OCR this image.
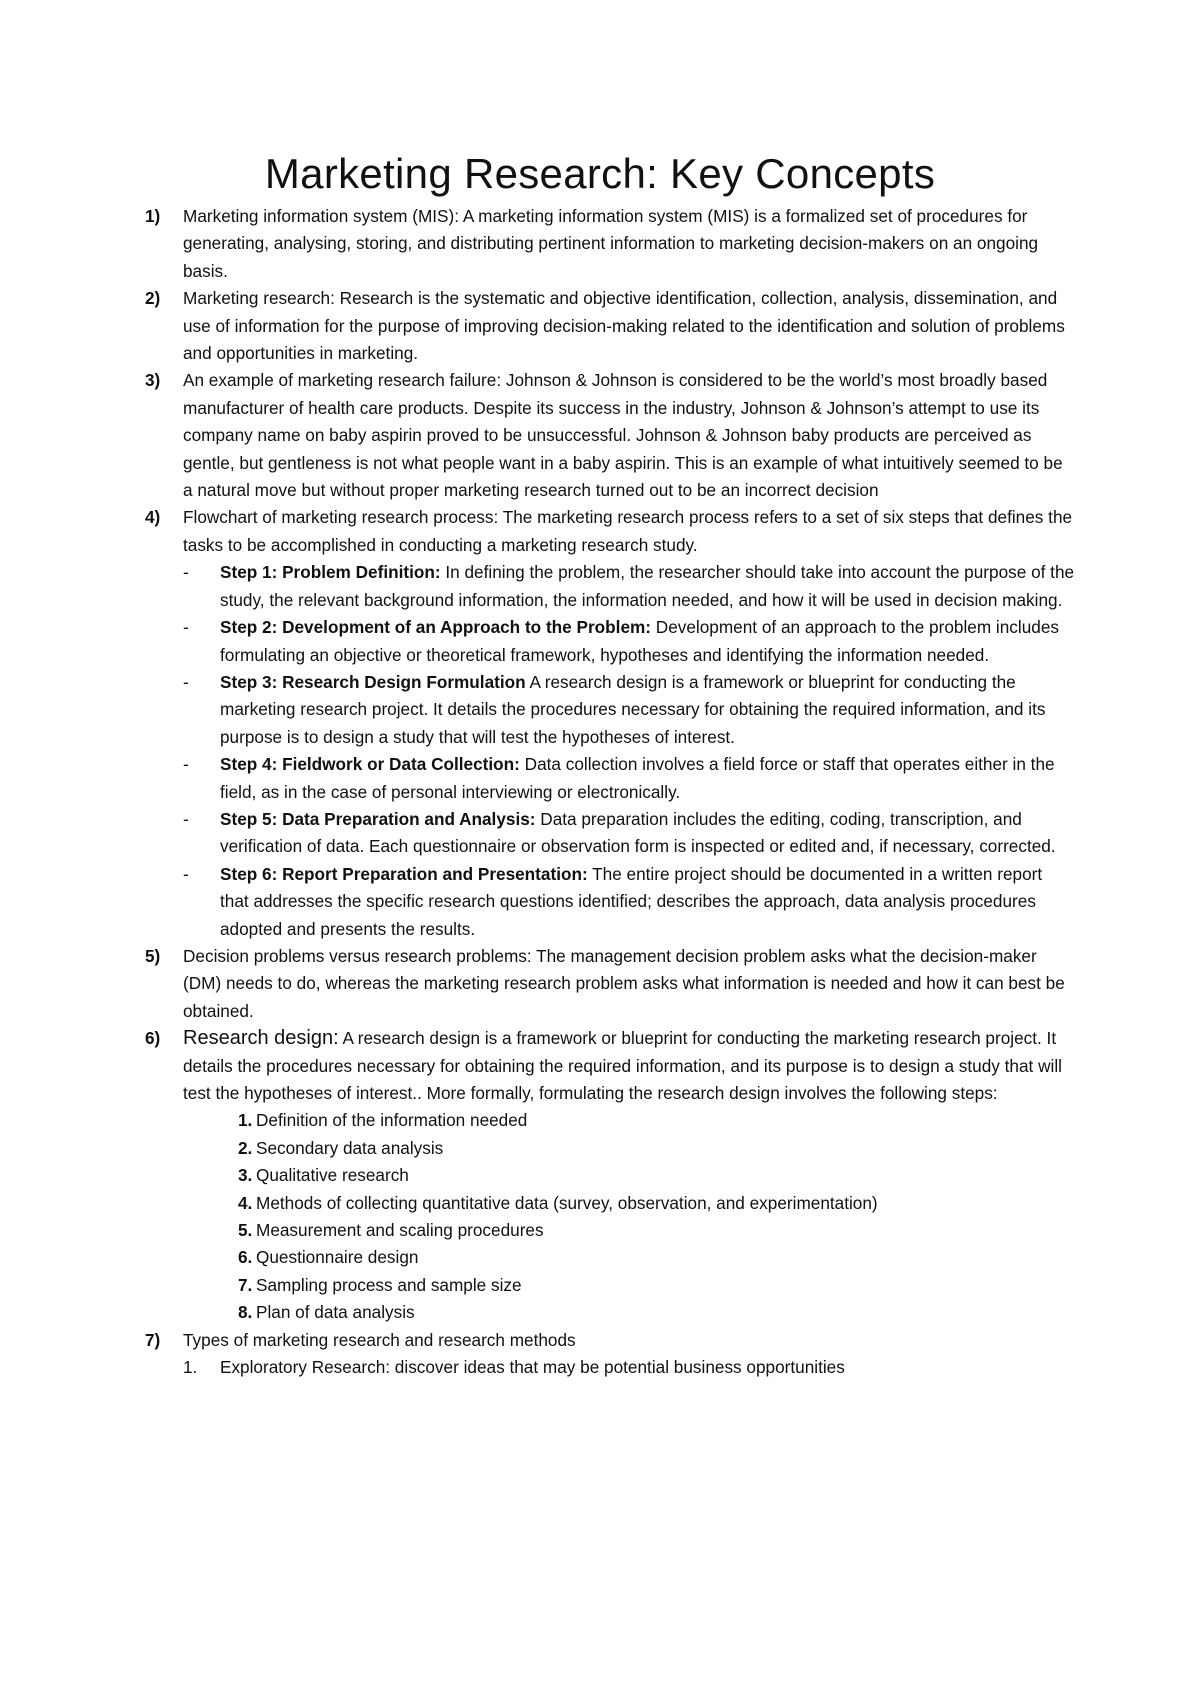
Marketing Research: Key Concepts
1) Marketing information system (MIS): A marketing information system (MIS) is a formalized set of procedures for generating, analysing, storing, and distributing pertinent information to marketing decision-makers on an ongoing basis.
2) Marketing research: Research is the systematic and objective identification, collection, analysis, dissemination, and use of information for the purpose of improving decision-making related to the identification and solution of problems and opportunities in marketing.
3) An example of marketing research failure: Johnson & Johnson is considered to be the world’s most broadly based manufacturer of health care products. Despite its success in the industry, Johnson & Johnson’s attempt to use its company name on baby aspirin proved to be unsuccessful. Johnson & Johnson baby products are perceived as gentle, but gentleness is not what people want in a baby aspirin. This is an example of what intuitively seemed to be a natural move but without proper marketing research turned out to be an incorrect decision
4) Flowchart of marketing research process: The marketing research process refers to a set of six steps that defines the tasks to be accomplished in conducting a marketing research study.
- Step 1: Problem Definition: In defining the problem, the researcher should take into account the purpose of the study, the relevant background information, the information needed, and how it will be used in decision making.
- Step 2: Development of an Approach to the Problem: Development of an approach to the problem includes formulating an objective or theoretical framework, hypotheses and identifying the information needed.
- Step 3: Research Design Formulation A research design is a framework or blueprint for conducting the marketing research project. It details the procedures necessary for obtaining the required information, and its purpose is to design a study that will test the hypotheses of interest.
- Step 4: Fieldwork or Data Collection: Data collection involves a field force or staff that operates either in the field, as in the case of personal interviewing or electronically.
- Step 5: Data Preparation and Analysis: Data preparation includes the editing, coding, transcription, and verification of data. Each questionnaire or observation form is inspected or edited and, if necessary, corrected.
- Step 6: Report Preparation and Presentation: The entire project should be documented in a written report that addresses the specific research questions identified; describes the approach, data analysis procedures adopted and presents the results.
5) Decision problems versus research problems: The management decision problem asks what the decision-maker (DM) needs to do, whereas the marketing research problem asks what information is needed and how it can best be obtained.
6) Research design: A research design is a framework or blueprint for conducting the marketing research project. It details the procedures necessary for obtaining the required information, and its purpose is to design a study that will test the hypotheses of interest.. More formally, formulating the research design involves the following steps:
1. Definition of the information needed
2. Secondary data analysis
3. Qualitative research
4. Methods of collecting quantitative data (survey, observation, and experimentation)
5. Measurement and scaling procedures
6. Questionnaire design
7. Sampling process and sample size
8. Plan of data analysis
7) Types of marketing research and research methods
1. Exploratory Research: discover ideas that may be potential business opportunities
